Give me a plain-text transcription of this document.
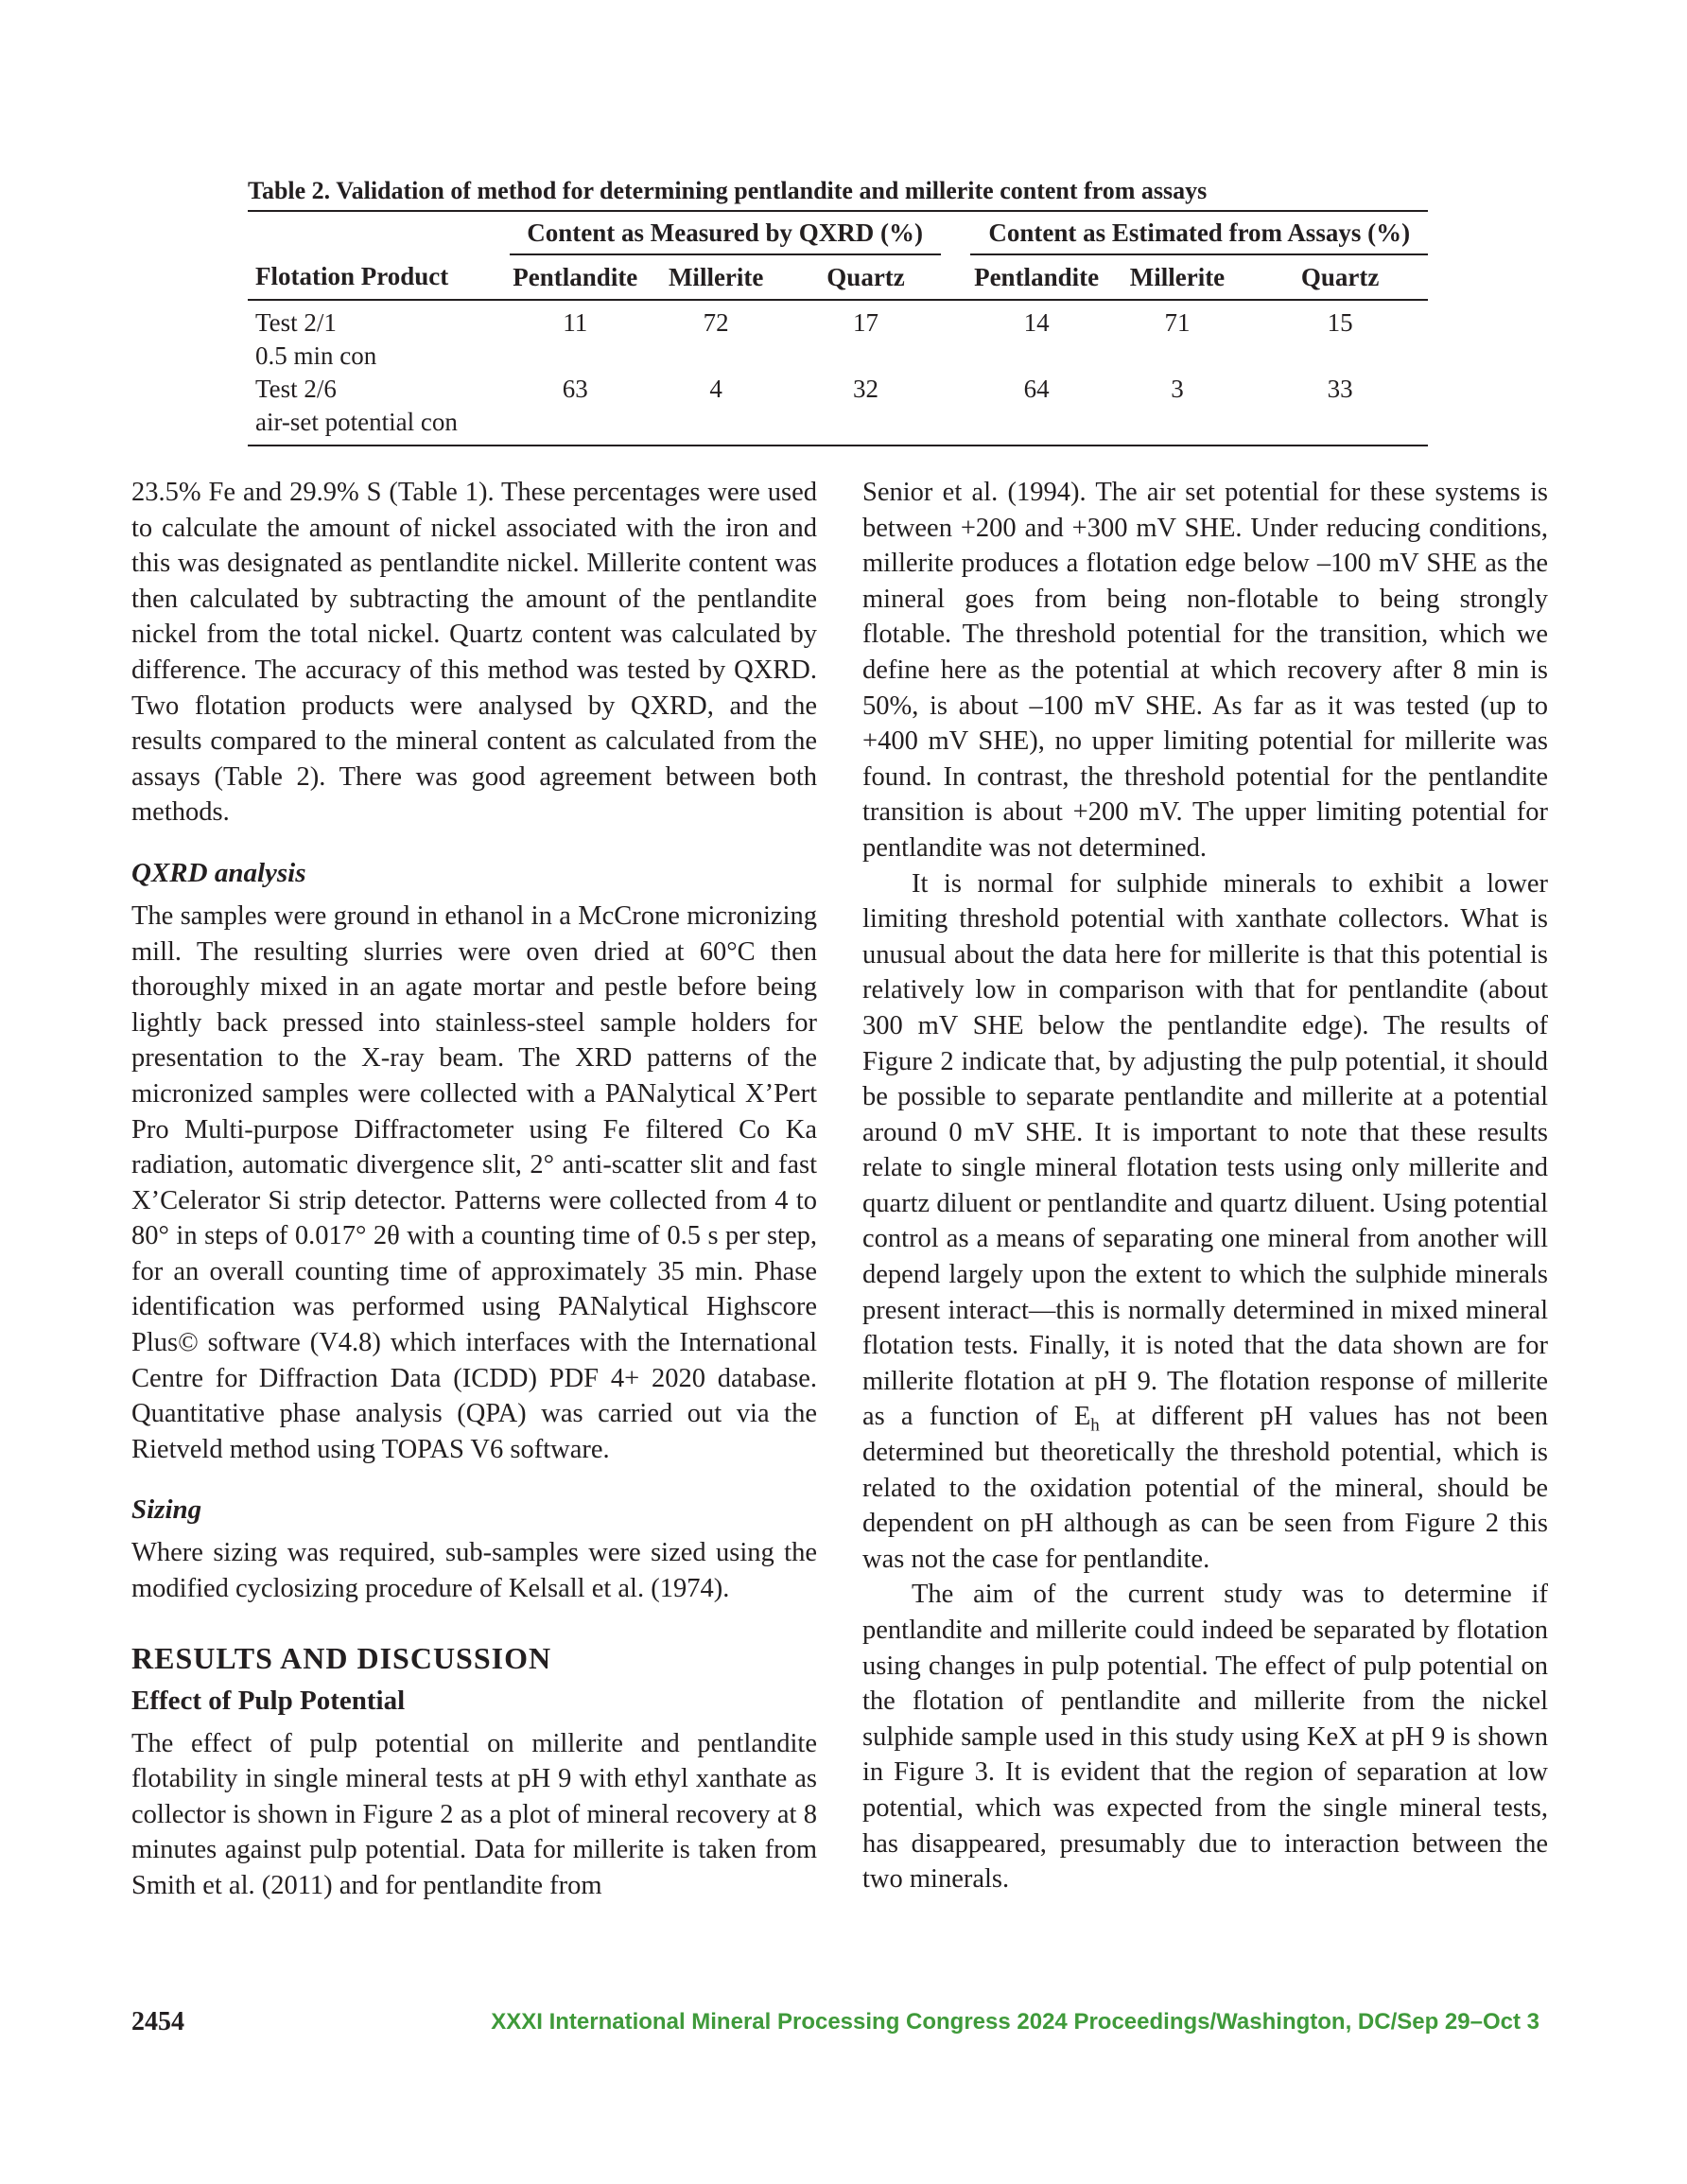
Table 2. Validation of method for determining pentlandite and millerite content from assays
	Content as Measured by QXRD (%)				Content as Estimated from Assays (%)		
Flotation Product	Pentlandite	Millerite	Quartz		Pentlandite	Millerite	Quartz
Test 2/1
0.5 min con	11	72	17		14	71	15
Test 2/6
air-set potential con	63	4	32		64	3	33

23.5% Fe and 29.9% S (Table 1). These percentages were used to calculate the amount of nickel associated with the iron and this was designated as pentlandite nickel. Millerite content was then calculated by subtracting the amount of the pentlandite nickel from the total nickel. Quartz content was calculated by difference. The accuracy of this method was tested by QXRD. Two flotation products were analysed by QXRD, and the results compared to the mineral content as calculated from the assays (Table 2). There was good agreement between both methods.

QXRD analysis

The samples were ground in ethanol in a McCrone micronizing mill. The resulting slurries were oven dried at 60°C then thoroughly mixed in an agate mortar and pestle before being lightly back pressed into stainless-steel sample holders for presentation to the X-ray beam. The XRD patterns of the micronized samples were collected with a PANalytical X’Pert Pro Multi-purpose Diffractometer using Fe filtered Co Ka radiation, automatic divergence slit, 2° anti-scatter slit and fast X’Celerator Si strip detector. Patterns were collected from 4 to 80° in steps of 0.017° 2θ with a counting time of 0.5 s per step, for an overall counting time of approximately 35 min. Phase identification was performed using PANalytical Highscore Plus© software (V4.8) which interfaces with the International Centre for Diffraction Data (ICDD) PDF 4+ 2020 database. Quantitative phase analysis (QPA) was carried out via the Rietveld method using TOPAS V6 software.

Sizing

Where sizing was required, sub-samples were sized using the modified cyclosizing procedure of Kelsall et al. (1974).

RESULTS AND DISCUSSION
Effect of Pulp Potential

The effect of pulp potential on millerite and pentlandite flotability in single mineral tests at pH 9 with ethyl xanthate as collector is shown in Figure 2 as a plot of mineral recovery at 8 minutes against pulp potential. Data for millerite is taken from Smith et al. (2011) and for pentlandite from

Senior et al. (1994). The air set potential for these systems is between +200 and +300 mV SHE. Under reducing conditions, millerite produces a flotation edge below –100 mV SHE as the mineral goes from being non-flotable to being strongly flotable. The threshold potential for the transition, which we define here as the potential at which recovery after 8 min is 50%, is about –100 mV SHE. As far as it was tested (up to +400 mV SHE), no upper limiting potential for millerite was found. In contrast, the threshold potential for the pentlandite transition is about +200 mV. The upper limiting potential for pentlandite was not determined.

It is normal for sulphide minerals to exhibit a lower limiting threshold potential with xanthate collectors. What is unusual about the data here for millerite is that this potential is relatively low in comparison with that for pentlandite (about 300 mV SHE below the pentlandite edge). The results of Figure 2 indicate that, by adjusting the pulp potential, it should be possible to separate pentlandite and millerite at a potential around 0 mV SHE. It is important to note that these results relate to single mineral flotation tests using only millerite and quartz diluent or pentlandite and quartz diluent. Using potential control as a means of separating one mineral from another will depend largely upon the extent to which the sulphide minerals present interact—this is normally determined in mixed mineral flotation tests. Finally, it is noted that the data shown are for millerite flotation at pH 9. The flotation response of millerite as a function of $E_h$ at different pH values has not been determined but theoretically the threshold potential, which is related to the oxidation potential of the mineral, should be dependent on pH although as can be seen from Figure 2 this was not the case for pentlandite.

The aim of the current study was to determine if pentlandite and millerite could indeed be separated by flotation using changes in pulp potential. The effect of pulp potential on the flotation of pentlandite and millerite from the nickel sulphide sample used in this study using KeX at pH 9 is shown in Figure 3. It is evident that the region of separation at low potential, which was expected from the single mineral tests, has disappeared, presumably due to interaction between the two minerals.

2454	XXXI International Mineral Processing Congress 2024 Proceedings/Washington, DC/Sep 29–Oct 3
